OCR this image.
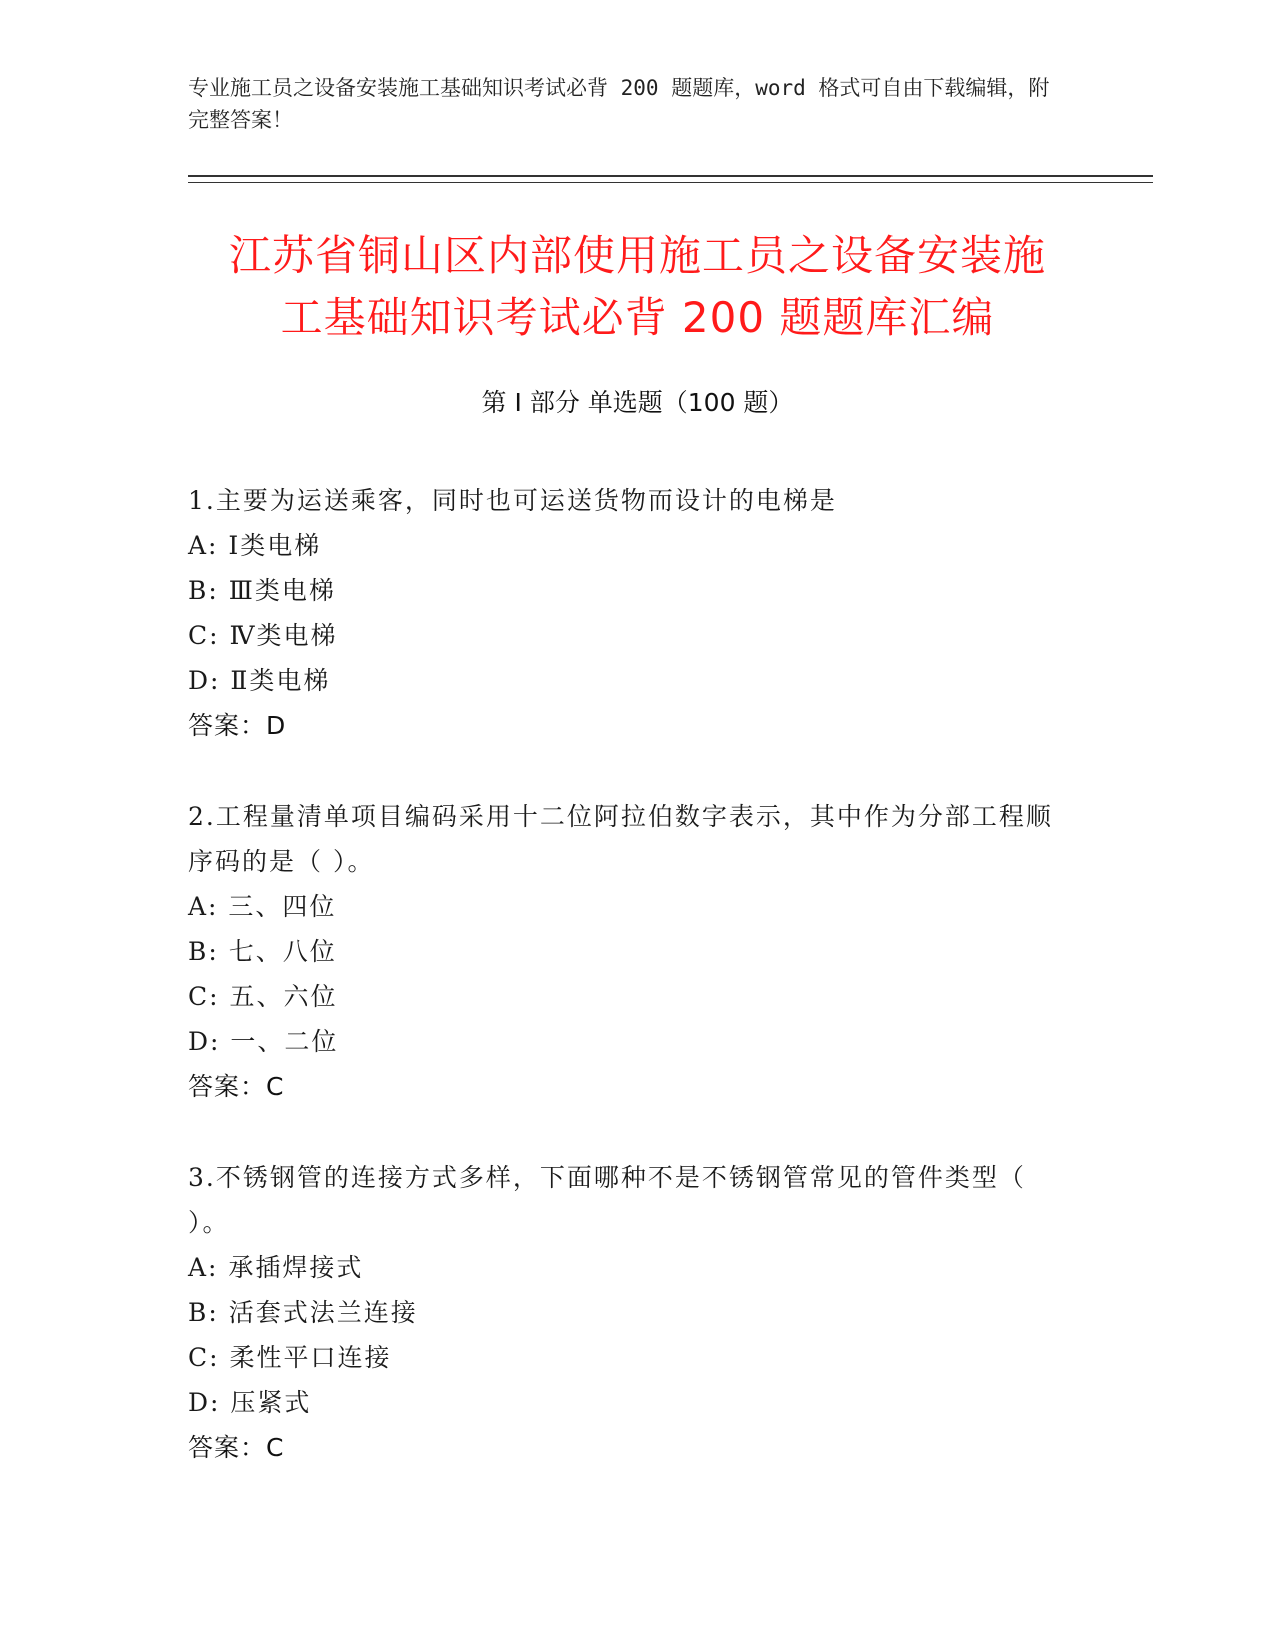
专业施工员之设备安装施工基础知识考试必背 200 题题库，word 格式可自由下载编辑，附完整答案！
江苏省铜山区内部使用施工员之设备安装施
工基础知识考试必背 200 题题库汇编
第 I 部分 单选题（100 题）
1.主要为运送乘客，同时也可运送货物而设计的电梯是
A: Ⅰ类电梯
B: Ⅲ类电梯
C: Ⅳ类电梯
D: Ⅱ类电梯
答案：D
2.工程量清单项目编码采用十二位阿拉伯数字表示，其中作为分部工程顺序码的是（ ）。
A: 三、四位
B: 七、八位
C: 五、六位
D: 一、二位
答案：C
3.不锈钢管的连接方式多样，下面哪种不是不锈钢管常见的管件类型（ ）。
A: 承插焊接式
B: 活套式法兰连接
C: 柔性平口连接
D: 压紧式
答案：C
